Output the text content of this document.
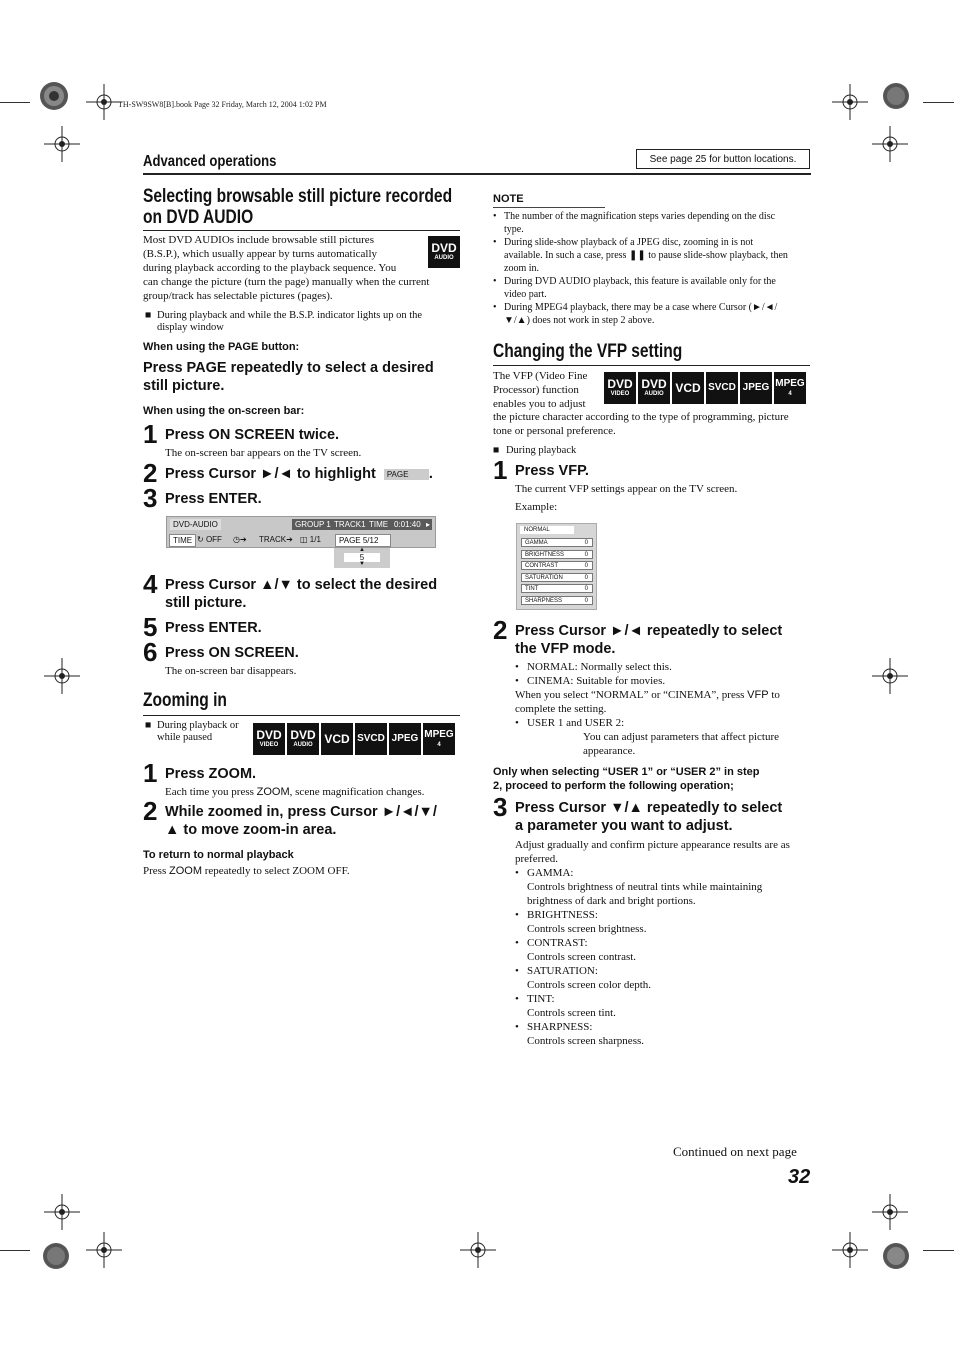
TH-SW9SW8[B].book Page 32 Friday, March 12, 2004 1:02 PM
Advanced operations	See page 25 for button locations.
Selecting browsable still picture recorded
on DVD AUDIO
DVD
AUDIO
Most DVD AUDIOs include browsable still pictures
(B.S.P.), which usually appear by turns automatically
during playback according to the playback sequence. You
can change the picture (turn the page) manually when the current
group/track has selectable pictures (pages).
■ During playback and while the B.S.P. indicator lights up on the
display window
When using the PAGE button:
Press PAGE repeatedly to select a desired
still picture.
When using the on-screen bar:
1 Press ON SCREEN twice.
The on-screen bar appears on the TV screen.
2 Press Cursor ►/◄ to highlight PAGE .
3 Press ENTER.
DVD-AUDIO	GROUP 1 TRACK1 TIME 0:01:40 ▸
TIME ↻ OFF ◷➔ TRACK➔ ◫ 1/1	PAGE 5/12
▲
5
▼
4 Press Cursor ▲/▼ to select the desired
still picture.
5 Press ENTER.
6 Press ON SCREEN.
The on-screen bar disappears.
Zooming in
■ During playback or
while paused	DVD
VIDEO
DVD
AUDIO VCD SVCD JPEG MPEG
4
1 Press ZOOM.
Each time you press ZOOM, scene magnification changes.
2 While zoomed in, press Cursor ►/◄/▼/
▲ to move zoom-in area.
To return to normal playback
Press ZOOM repeatedly to select ZOOM OFF.
NOTE
• The number of the magnification steps varies depending on the disc
type.
• During slide-show playback of a JPEG disc, zooming in is not
available. In such a case, press ❚❚ to pause slide-show playback, then
zoom in.
• During DVD AUDIO playback, this feature is available only for the
video part.
• During MPEG4 playback, there may be a case where Cursor (►/◄/
▼/▲) does not work in step 2 above.
Changing the VFP setting
The VFP (Video Fine
Processor) function
enables you to adjust
DVD
VIDEO
DVD
AUDIO VCD SVCD JPEG MPEG
4
the picture character according to the type of programming, picture
tone or personal preference.
■ During playback
1 Press VFP.
The current VFP settings appear on the TV screen.
Example:
NORMAL
GAMMA	0
BRIGHTNESS	0
CONTRAST	0
SATURATION	0
TINT	0
SHARPNESS	0
2 Press Cursor ►/◄ repeatedly to select
the VFP mode.
• NORMAL: Normally select this.
• CINEMA: Suitable for movies.
When you select “NORMAL” or “CINEMA”, press VFP to
complete the setting.
• USER 1 and USER 2:
You can adjust parameters that affect picture
appearance.
Only when selecting “USER 1” or “USER 2” in step
2, proceed to perform the following operation;
3 Press Cursor ▼/▲ repeatedly to select
a parameter you want to adjust.
Adjust gradually and confirm picture appearance results are as
preferred.
• GAMMA:
Controls brightness of neutral tints while maintaining
brightness of dark and bright portions.
• BRIGHTNESS:
Controls screen brightness.
• CONTRAST:
Controls screen contrast.
• SATURATION:
Controls screen color depth.
• TINT:
Controls screen tint.
• SHARPNESS:
Controls screen sharpness.
Continued on next page
32
